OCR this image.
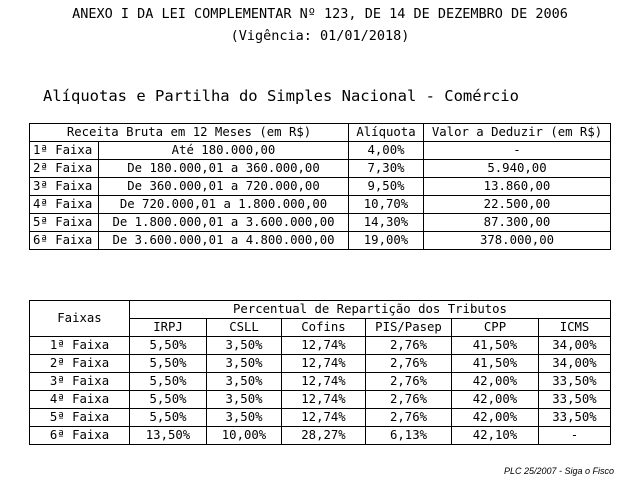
ANEXO I DA LEI COMPLEMENTAR Nº 123, DE 14 DE DEZEMBRO DE 2006
(Vigência: 01/01/2018)
Alíquotas e Partilha do Simples Nacional - Comércio
Receita Bruta em 12 Meses (em R$)		Alíquota	Valor a Deduzir (em R$)
1ª Faixa	Até 180.000,00	4,00%	-
2ª Faixa	De 180.000,01 a 360.000,00	7,30%	5.940,00
3ª Faixa	De 360.000,01 a 720.000,00	9,50%	13.860,00
4ª Faixa	De 720.000,01 a 1.800.000,00	10,70%	22.500,00
5ª Faixa	De 1.800.000,01 a 3.600.000,00	14,30%	87.300,00
6ª Faixa	De 3.600.000,01 a 4.800.000,00	19,00%	378.000,00
Faixas	Percentual de Repartição dos Tributos					
	IRPJ	CSLL	Cofins	PIS/Pasep	CPP	ICMS
1ª Faixa	5,50%	3,50%	12,74%	2,76%	41,50%	34,00%
2ª Faixa	5,50%	3,50%	12,74%	2,76%	41,50%	34,00%
3ª Faixa	5,50%	3,50%	12,74%	2,76%	42,00%	33,50%
4ª Faixa	5,50%	3,50%	12,74%	2,76%	42,00%	33,50%
5ª Faixa	5,50%	3,50%	12,74%	2,76%	42,00%	33,50%
6ª Faixa	13,50%	10,00%	28,27%	6,13%	42,10%	-
PLC 25/2007 - Siga o Fisco
